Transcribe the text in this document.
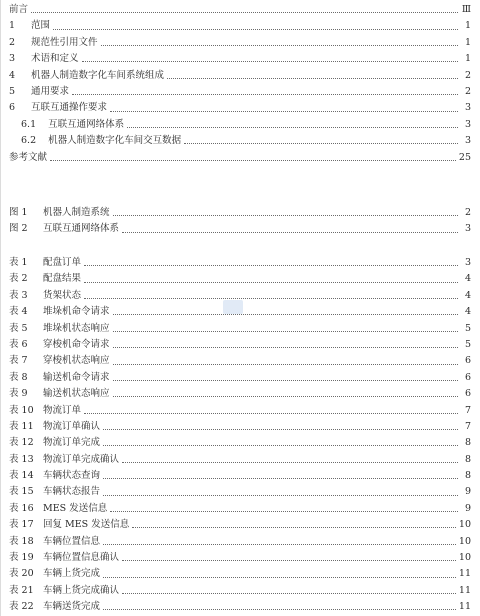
前言	Ⅲ
1 范围	1
2 规范性引用文件	1
3 术语和定义	1
4 机器人制造数字化车间系统组成	2
5 通用要求	2
6 互联互通操作要求	3
6.1 互联互通网络体系	3
6.2 机器人制造数字化车间交互数据	3
参考文献	25
图 1 机器人制造系统	2
图 2 互联互通网络体系	3
表 1 配盘订单	3
表 2 配盘结果	4
表 3 货架状态	4
表 4 堆垛机命令请求	4
表 5 堆垛机状态响应	5
表 6 穿梭机命令请求	5
表 7 穿梭机状态响应	6
表 8 输送机命令请求	6
表 9 输送机状态响应	6
表 10 物流订单	7
表 11 物流订单确认	7
表 12 物流订单完成	8
表 13 物流订单完成确认	8
表 14 车辆状态查询	8
表 15 车辆状态报告	9
表 16 MES 发送信息	9
表 17 回复 MES 发送信息	10
表 18 车辆位置信息	10
表 19 车辆位置信息确认	10
表 20 车辆上货完成	11
表 21 车辆上货完成确认	11
表 22 车辆送货完成	11
